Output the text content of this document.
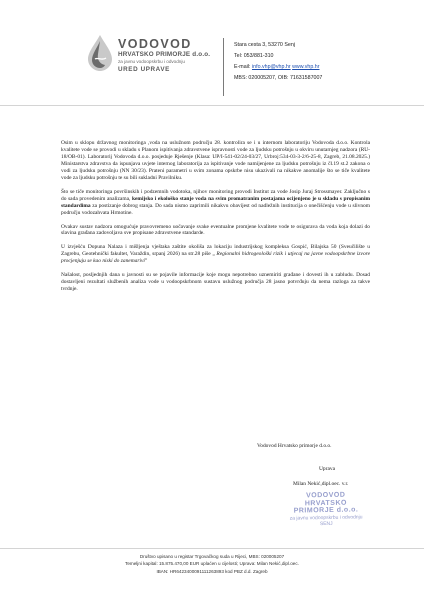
VODOVOD
HRVATSKO PRIMORJE d.o.o.
za javnu vodoopskrbu i odvodnju
URED UPRAVE
Stara cesta 3, 53270 Senj
Tel: 053/881-310
E-mail: info.vhp@vhp.hr www.vhp.hr
MBS: 020005207, OIB: 71631587007

Osim u sklopu državnog monitoringa ,voda na uslužnom području 28. kontrolira se i u internom laboratoriju Vodovoda d.o.o. Kontrola kvalitete vode se provodi u skladu s Planom ispitivanja zdravstvene ispravnosti vode za ljudsku potrošnju u okviru unutarnjeg nadzora (RU-18/OB-01). Laboratorij Vodovoda d.o.o. posjeduje Rješenje (Klasa: UP/I-541-02/24-03/27, Urbroj:534-03-3-2/6-25-8, Zagreb, 21.08.2025.) Ministarstva zdravstva da ispunjava uvjete internog laboratorija za ispitivanje vode namijenjene za ljudsku potrošnju iz čl.19 st.2 zakona o vodi za ljudsku potrošnju (NN 30/23). Prateni parametri u svim zonama opskrbe nisu ukazivali na nikakve anomalije što se tiče kvalitete vode za ljudsku potrošnju te su bili sukladni Pravilniku.

Što se tiče monitoringa površinskih i podzemnih vodotoka, njihov monitoring provodi Institut za vode Josip Juraj Strossmayer. Zaključno s do sada provedenim analizama, kemijsko i ekološko stanje voda na svim promatranim postajama ocijenjeno je u skladu s propisanim standardima za postizanje dobrog stanja. Do sada nismo zaprimili nikakvu obavijest od nadležnih institucija o onečišćenju vode u slivnom području vodozahvata Hrmotine.

Ovakav sustav nadzora omogućuje pravovremeno uočavanje svake eventualne promjene kvalitete vode te osigurava da voda koja dolazi do slavina građana zadovoljava sve propisane zdravstvene standarde.

U izvješću Dopuna Nalaza i mišljenja vještaka zaštite okoliša za lokaciju industrijskog kompleksa Gospić, Bilajska 50 (Sveučilište u Zagrebu, Geotehnički fakultet, Varaždin, srpanj 2026) na str.28 piše „ Regionalni hidrogeološki rizik i utjecaj na javne vodoopskrbne izvore procjenjuju se kao niski do zanemarivi”

Našalost, posljednjih dana u javnosti su se pojavile informacije koje mogu nepotrebno uznemiriti građane i dovesti ih u zabludu. Dosad dostavljeni rezultati službenih analiza vode u vodoopskrbnom sustavu uslužnog područja 28 jasno potvrđuju da nema razloga za takve tvrdnje.

Vodovod Hrvatsko primorje d.o.o.
Uprava
Milan Nekić,dipl.oec. v.r.
VODOVOD HRVATSKO
PRIMORJE d.o.o.
za javnu vodoopskrbu i odvodnju
SENJ
Društvo upisano u registar Trgovačkog suda u Rijeci, MBS: 020005207
Temeljni kapital: 15.875.470,00 EUR uplaćen u cijelosti; Uprava: Milan Nekić,dipl.oec.
IBAN: HR6423400091111263893 kod PBZ d.d. Zagreb
